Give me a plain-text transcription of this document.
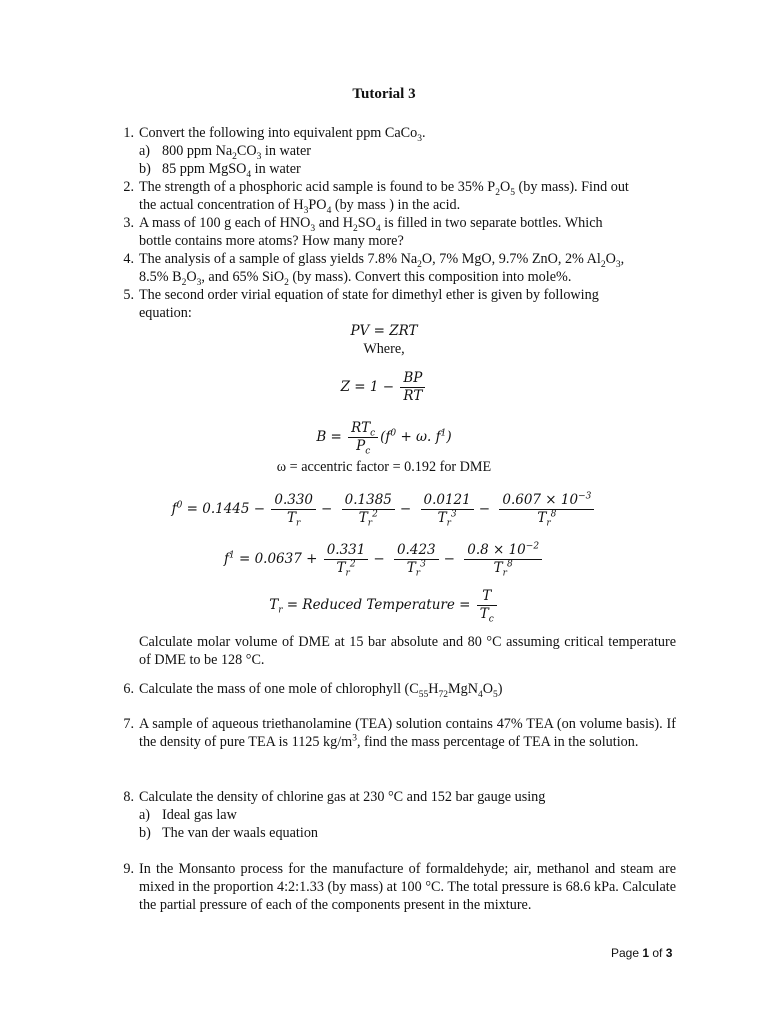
Tutorial 3
1. Convert the following into equivalent ppm CaCo$_3$.
a) 800 ppm $Na_2CO_3$ in water
b) 85 ppm MgSO$_4$ in water
2. The strength of a phosphoric acid sample is found to be 35% $P_2O_5$ (by mass). Find out
the actual concentration of $H_3PO_4$ (by mass ) in the acid.
3. A mass of 100 g each of $HNO_3$ and $H_2SO_4$ is filled in two separate bottles. Which
bottle contains more atoms? How many more?
4. The analysis of a sample of glass yields 7.8% $Na_2O$, 7% MgO, 9.7% ZnO, 2% $Al_2O_3$,
8.5% $B_2O_3$, and 65% SiO$_2$ (by mass). Convert this composition into mole%.
5. The second order virial equation of state for dimethyl ether is given by following
equation:
PV = ZRT
Where,
$Z = 1 - \frac{BP}{RT}$
$B = \frac{RT_c}{P_c} (f^0 + \omega$. $f^1$)
ω = accentric factor = 0.192 for DME
$f^0 = 0.1445 - \frac{0.330}{T_r} - \frac{0.1385}{T_r^2} - \frac{0.0121}{T_r^3} - \frac{0.607 \times 10^{-3}}{T_r^8}$
$f^1 = 0.0637 + \frac{0.331}{T_r^2} - \frac{0.423}{T_r^3} - \frac{0.8 \times 10^{-2}}{T_r^8}$
$T_r$ = Reduced Temperature = $\frac{T}{T_c}$
Calculate molar volume of DME at 15 bar absolute and 80 °C assuming critical temperature of DME to be 128 °C.
6. Calculate the mass of one mole of chlorophyll $(C_{55}H_{72}MgN_4O_5)$
7. A sample of aqueous triethanolamine (TEA) solution contains 47% TEA (on volume basis). If the density of pure TEA is 1125 $kg/m^3$, find the mass percentage of TEA in the solution.
8. Calculate the density of chlorine gas at 230 °C and 152 bar gauge using
a) Ideal gas law
b) The van der waals equation
9. In the Monsanto process for the manufacture of formaldehyde; air, methanol and steam are mixed in the proportion 4:2:1.33 (by mass) at 100 °C. The total pressure is 68.6 kPa. Calculate the partial pressure of each of the components present in the mixture.
Page 1 of 3
